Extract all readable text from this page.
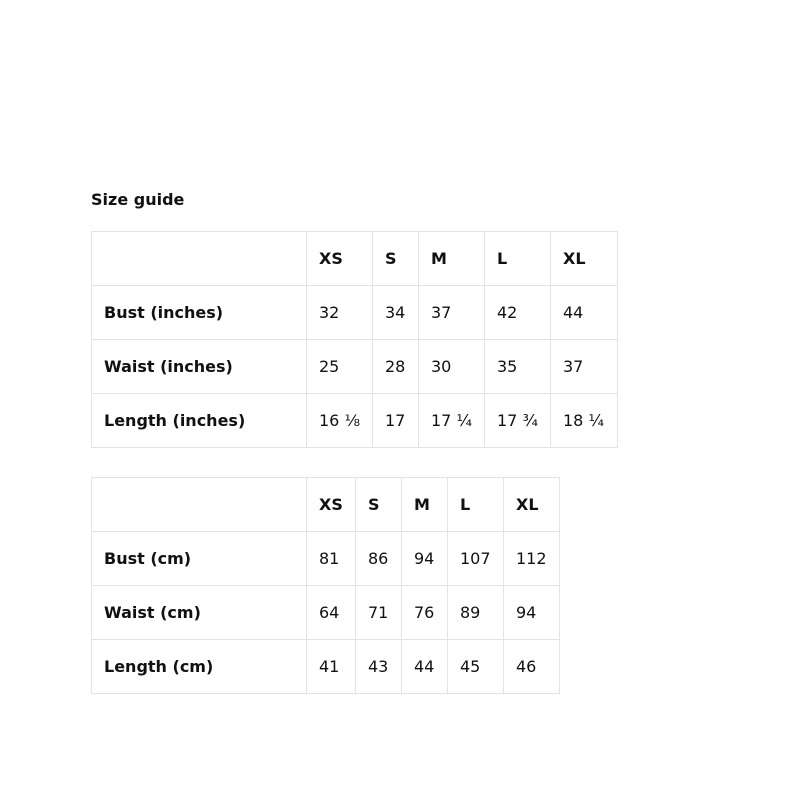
Size guide
	XS	S	M	L	XL
Bust (inches)	32	34	37	42	44
Waist (inches)	25	28	30	35	37
Length (inches)	16 ⅛	17	17 ¼	17 ¾	18 ¼
	XS	S	M	L	XL
Bust (cm)	81	86	94	107	112
Waist (cm)	64	71	76	89	94
Length (cm)	41	43	44	45	46
